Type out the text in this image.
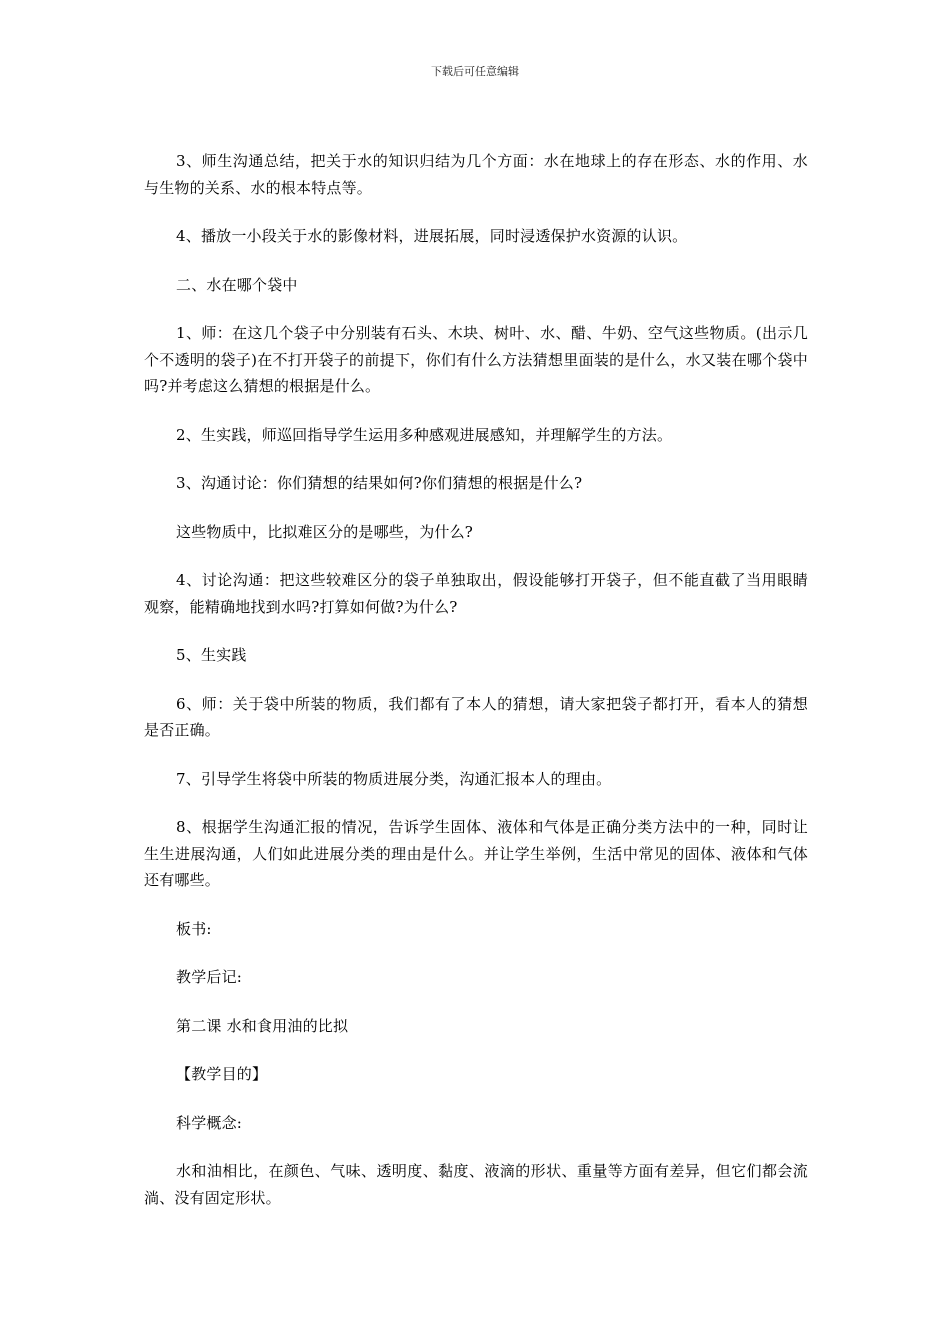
下载后可任意编辑

3、师生沟通总结，把关于水的知识归结为几个方面：水在地球上的存在形态、水的作用、水与生物的关系、水的根本特点等。

4、播放一小段关于水的影像材料，进展拓展，同时浸透保护水资源的认识。

二、水在哪个袋中

1、师：在这几个袋子中分别装有石头、木块、树叶、水、醋、牛奶、空气这些物质。(出示几个不透明的袋子)在不打开袋子的前提下，你们有什么方法猜想里面装的是什么，水又装在哪个袋中吗?并考虑这么猜想的根据是什么。

2、生实践，师巡回指导学生运用多种感观进展感知，并理解学生的方法。

3、沟通讨论：你们猜想的结果如何?你们猜想的根据是什么?

这些物质中，比拟难区分的是哪些，为什么?

4、讨论沟通：把这些较难区分的袋子单独取出，假设能够打开袋子，但不能直截了当用眼睛观察，能精确地找到水吗?打算如何做?为什么?

5、生实践

6、师：关于袋中所装的物质，我们都有了本人的猜想，请大家把袋子都打开，看本人的猜想是否正确。

7、引导学生将袋中所装的物质进展分类，沟通汇报本人的理由。

8、根据学生沟通汇报的情况，告诉学生固体、液体和气体是正确分类方法中的一种，同时让生生进展沟通，人们如此进展分类的理由是什么。并让学生举例，生活中常见的固体、液体和气体还有哪些。

板书:

教学后记:

第二课 水和食用油的比拟

【教学目的】

科学概念:

水和油相比，在颜色、气味、透明度、黏度、液滴的形状、重量等方面有差异，但它们都会流淌、没有固定形状。
